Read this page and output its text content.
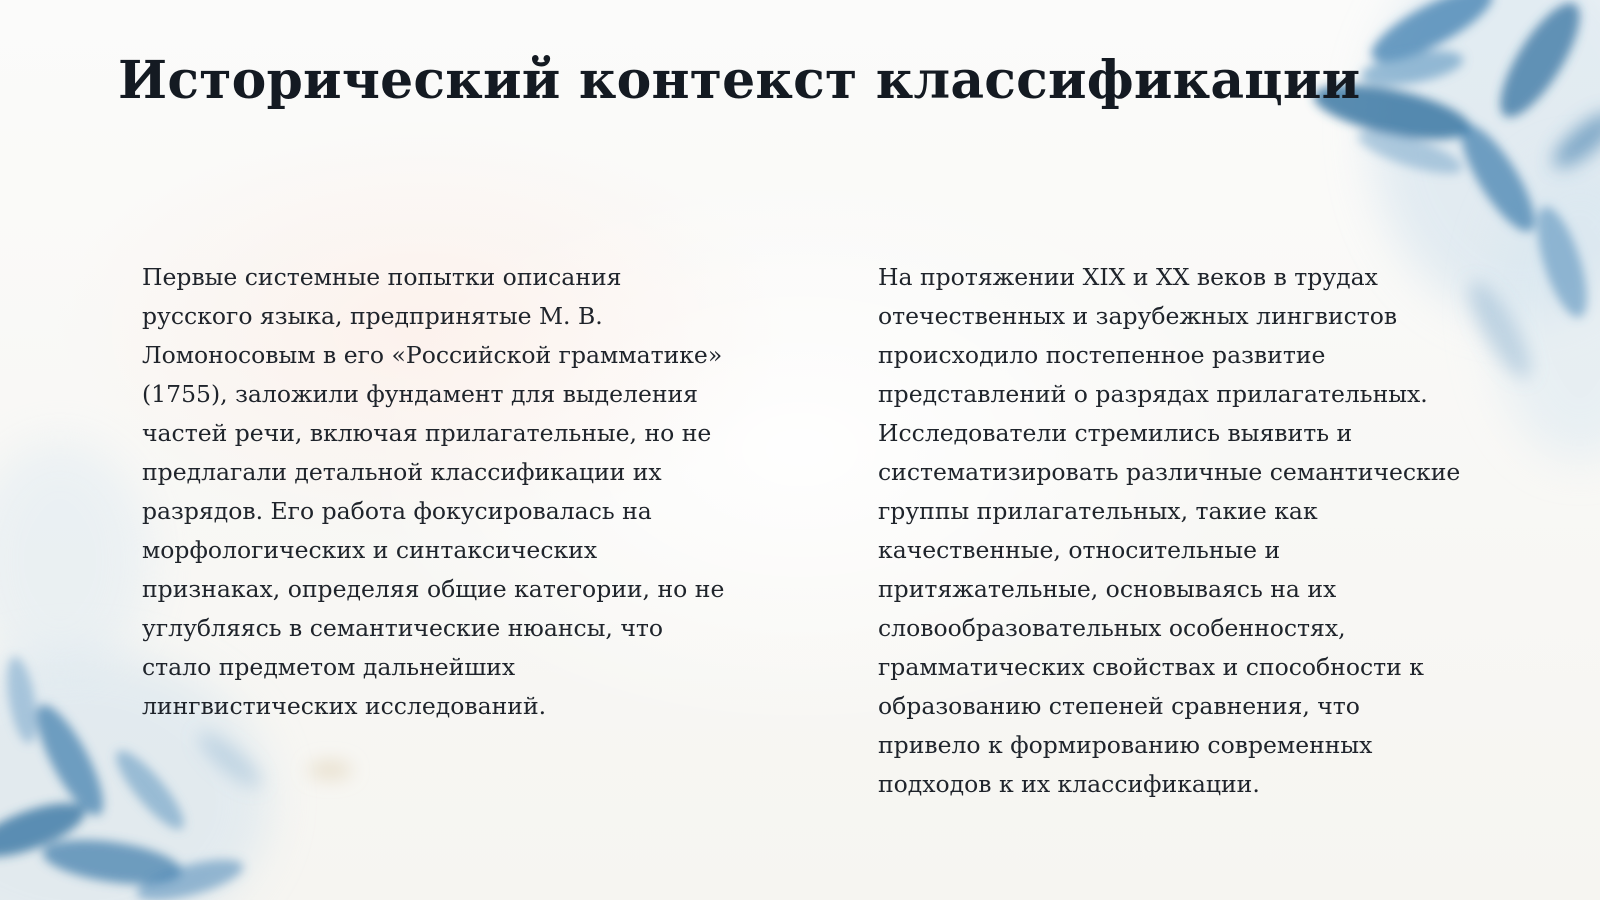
Исторический контекст классификации

Первые системные попытки описания русского языка, предпринятые М. В. Ломоносовым в его «Российской грамматике» (1755), заложили фундамент для выделения частей речи, включая прилагательные, но не предлагали детальной классификации их разрядов. Его работа фокусировалась на морфологических и синтаксических признаках, определяя общие категории, но не углубляясь в семантические нюансы, что стало предметом дальнейших лингвистических исследований.

На протяжении XIX и XX веков в трудах отечественных и зарубежных лингвистов происходило постепенное развитие представлений о разрядах прилагательных. Исследователи стремились выявить и систематизировать различные семантические группы прилагательных, такие как качественные, относительные и притяжательные, основываясь на их словообразовательных особенностях, грамматических свойствах и способности к образованию степеней сравнения, что привело к формированию современных подходов к их классификации.
